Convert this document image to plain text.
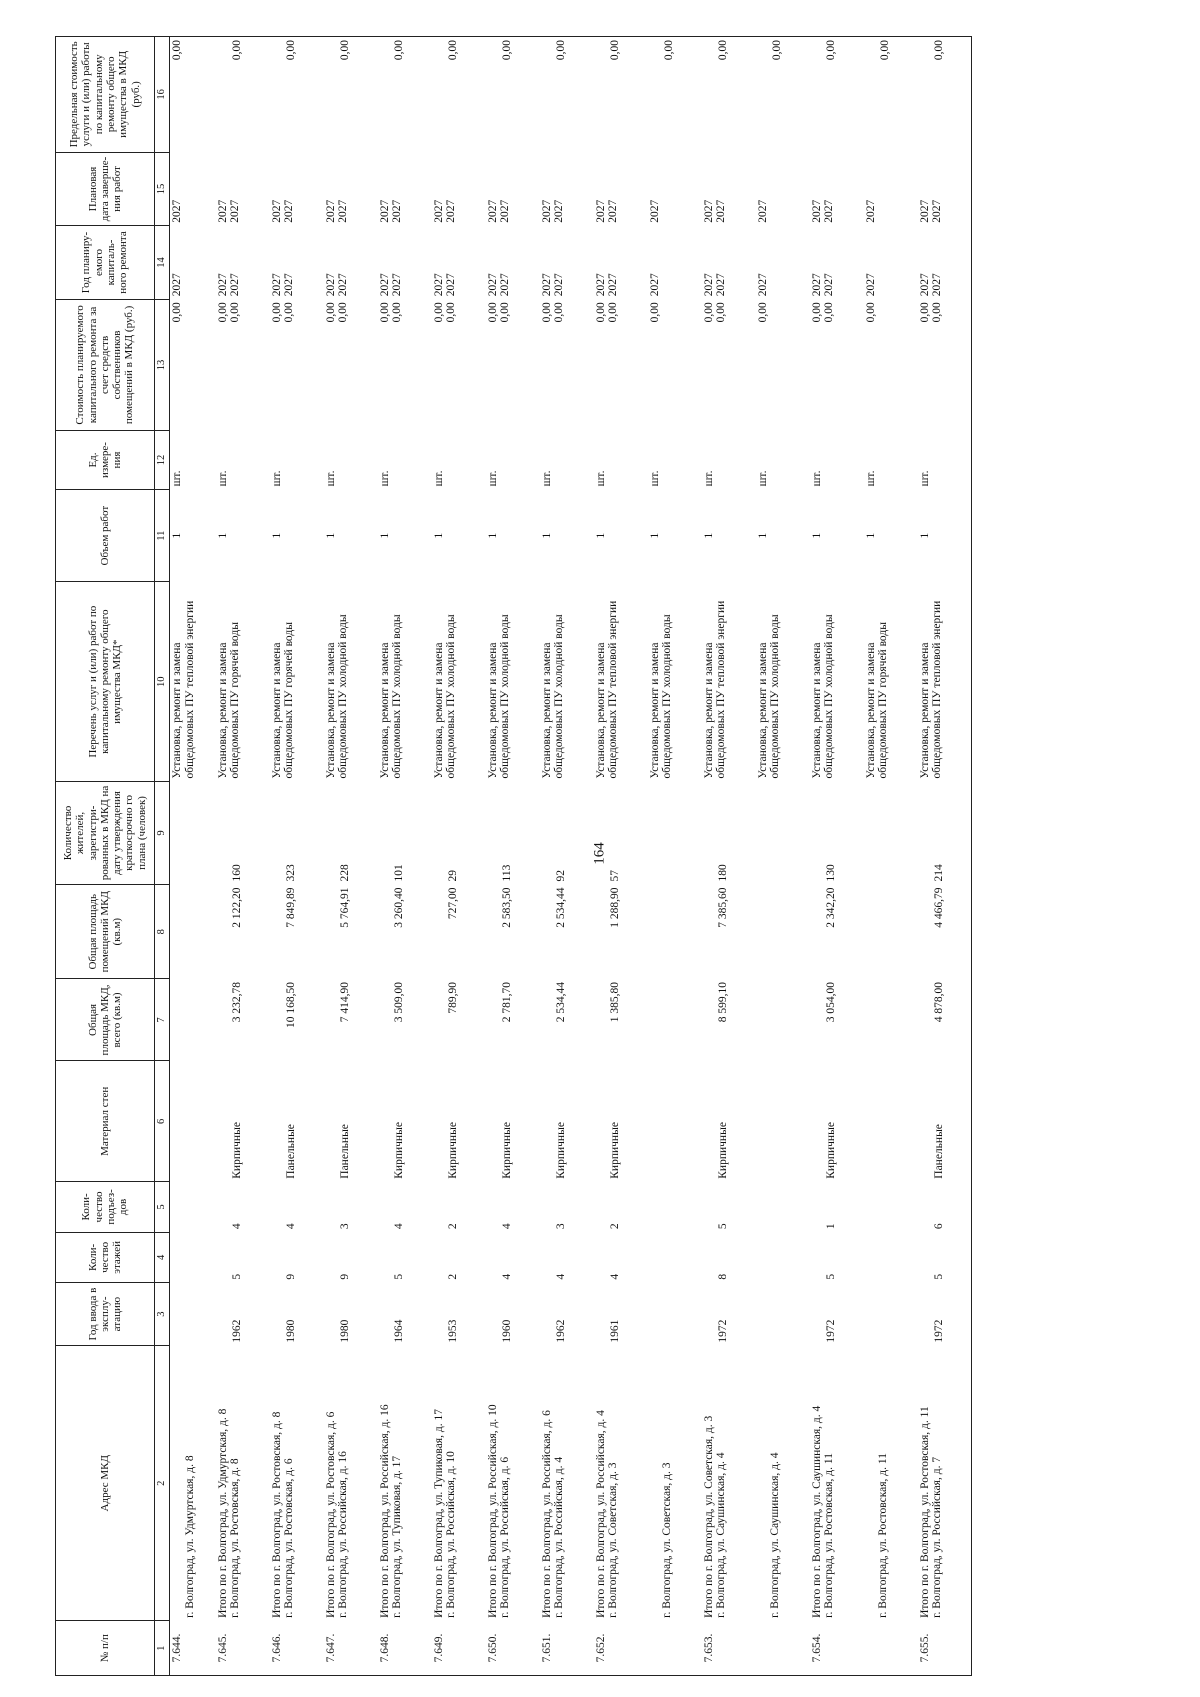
164
№ п/п	Адрес МКД	Год ввода в эксплу-атацию	Коли-чество этажей	Коли-чество подъез-дов	Материал стен	Общая площадь МКД, всего (кв.м)	Общая площадь помещений МКД (кв.м)	Количество жителей, зарегистри-рованных в МКД на дату утверждения краткосрочно го плана (человек)	Перечень услуг и (или) работ по капитальному ремонту общего имущества МКД*	Объем работ	Ед. измере-ния	Стоимость планируемого капитального ремонта за счет средств собственников помещений в МКД (руб.)	Год планиру-емого капиталь-ного ремонта	Плановая дата заверше-ния работ	Предельная стоимость услуги и (или) работы по капитальному ремонту общего имущества в МКД (руб.)
1	2	3	4	5	6	7	8	9	10	11	12	13	14	15	16
7.644.	г. Волгоград, ул. Удмуртская, д. 8								Установка, ремонт и замена общедомовых ПУ тепловой энергии	1	шт.	0,00	2027	2027	0,00
7.645.	Итого по г. Волгоград, ул. Удмуртская, д. 8 г. Волгоград, ул. Ростовская, д. 8	1962	5	4	Кирпичные	3 232,78	2 122,20	160	Установка, ремонт и замена общедомовых ПУ горячей воды	1	шт.	0,00 0,00	2027 2027	2027 2027	0,00
7.646.	Итого по г. Волгоград, ул. Ростовская, д. 8 г. Волгоград, ул. Ростовская, д. 6	1980	9	4	Панельные	10 168,50	7 849,89	323	Установка, ремонт и замена общедомовых ПУ горячей воды	1	шт.	0,00 0,00	2027 2027	2027 2027	0,00
7.647.	Итого по г. Волгоград, ул. Ростовская, д. 6 г. Волгоград, ул. Российская, д. 16	1980	9	3	Панельные	7 414,90	5 764,91	228	Установка, ремонт и замена общедомовых ПУ холодной воды	1	шт.	0,00 0,00	2027 2027	2027 2027	0,00
7.648.	Итого по г. Волгоград, ул. Российская, д. 16 г. Волгоград, ул. Тупиковая, д. 17	1964	5	4	Кирпичные	3 509,00	3 260,40	101	Установка, ремонт и замена общедомовых ПУ холодной воды	1	шт.	0,00 0,00	2027 2027	2027 2027	0,00
7.649.	Итого по г. Волгоград, ул. Тупиковая, д. 17 г. Волгоград, ул. Российская, д. 10	1953	2	2	Кирпичные	789,90	727,00	29	Установка, ремонт и замена общедомовых ПУ холодной воды	1	шт.	0,00 0,00	2027 2027	2027 2027	0,00
7.650.	Итого по г. Волгоград, ул. Российская, д. 10 г. Волгоград, ул. Российская, д. 6	1960	4	4	Кирпичные	2 781,70	2 583,50	113	Установка, ремонт и замена общедомовых ПУ холодной воды	1	шт.	0,00 0,00	2027 2027	2027 2027	0,00
7.651.	Итого по г. Волгоград, ул. Российская, д. 6 г. Волгоград, ул. Российская, д. 4	1962	4	3	Кирпичные	2 534,44	2 534,44	92	Установка, ремонт и замена общедомовых ПУ холодной воды	1	шт.	0,00 0,00	2027 2027	2027 2027	0,00
7.652.	Итого по г. Волгоград, ул. Российская, д. 4 г. Волгоград, ул. Советская, д. 3	1961	4	2	Кирпичные	1 385,80	1 288,90	57	Установка, ремонт и замена общедомовых ПУ тепловой энергии	1	шт.	0,00 0,00	2027 2027	2027 2027	0,00

	г. Волгоград, ул. Советская, д. 3								Установка, ремонт и замена общедомовых ПУ холодной воды	1	шт.	0,00	2027	2027	0,00
7.653.	Итого по г. Волгоград, ул. Советская, д. 3 г. Волгоград, ул. Саушинская, д. 4	1972	8	5	Кирпичные	8 599,10	7 385,60	180	Установка, ремонт и замена общедомовых ПУ тепловой энергии	1	шт.	0,00 0,00	2027 2027	2027 2027	0,00

	г. Волгоград, ул. Саушинская, д. 4								Установка, ремонт и замена общедомовых ПУ холодной воды	1	шт.	0,00	2027	2027	0,00
7.654.	Итого по г. Волгоград, ул. Саушинская, д. 4 г. Волгоград, ул. Ростовская, д. 11	1972	5	1	Кирпичные	3 054,00	2 342,20	130	Установка, ремонт и замена общедомовых ПУ холодной воды	1	шт.	0,00 0,00	2027 2027	2027 2027	0,00

	г. Волгоград, ул. Ростовская, д. 11								Установка, ремонт и замена общедомовых ПУ горячей воды	1	шт.	0,00	2027	2027	0,00
7.655.	Итого по г. Волгоград, ул. Ростовская, д. 11 г. Волгоград, ул. Российская, д. 7	1972	5	6	Панельные	4 878,00	4 466,79	214	Установка, ремонт и замена общедомовых ПУ тепловой энергии	1	шт.	0,00 0,00	2027 2027	2027 2027	0,00
